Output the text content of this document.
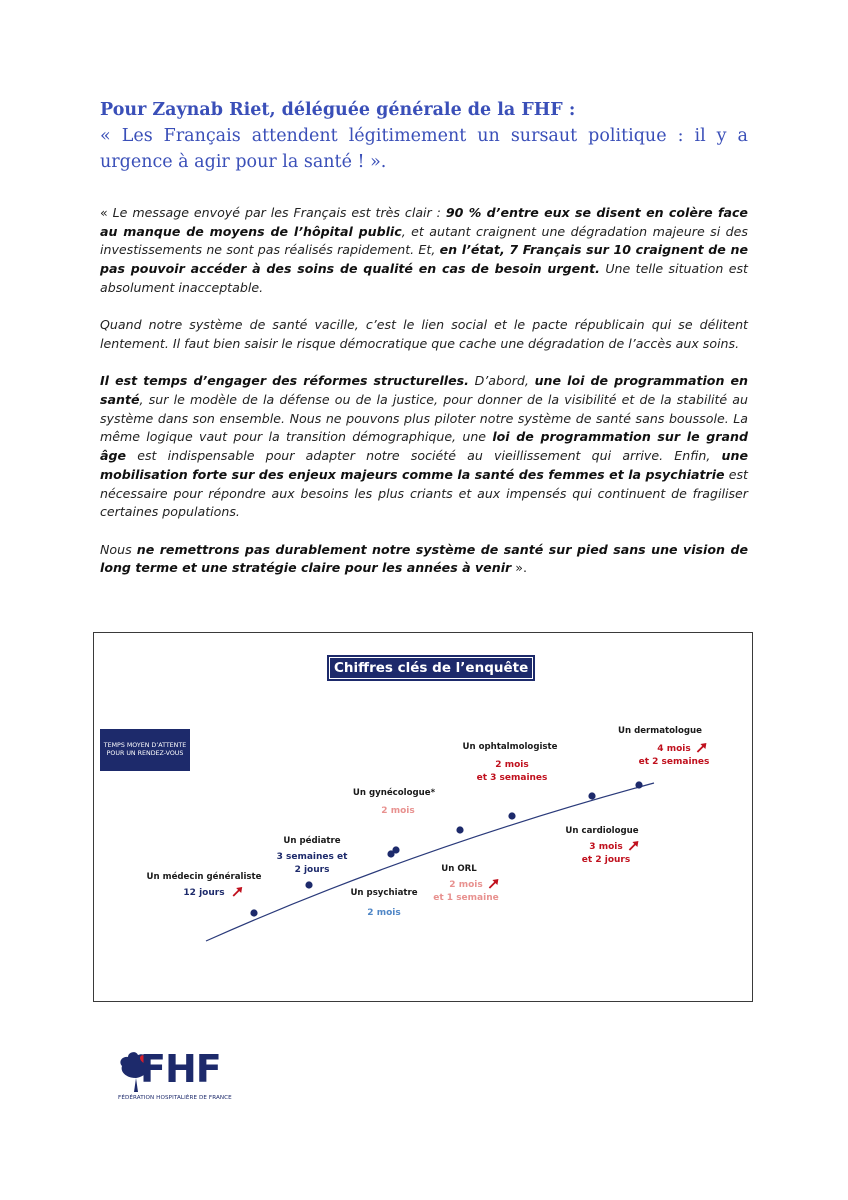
Pour Zaynab Riet, déléguée générale de la FHF :
« Les Français attendent légitimement un sursaut politique : il y a urgence à agir pour la santé ! ».

« Le message envoyé par les Français est très clair : 90 % d’entre eux se disent en colère face au manque de moyens de l’hôpital public, et autant craignent une dégradation majeure si des investissements ne sont pas réalisés rapidement. Et, en l’état, 7 Français sur 10 craignent de ne pas pouvoir accéder à des soins de qualité en cas de besoin urgent. Une telle situation est absolument inacceptable.

Quand notre système de santé vacille, c’est le lien social et le pacte républicain qui se délitent lentement. Il faut bien saisir le risque démocratique que cache une dégradation de l’accès aux soins.

Il est temps d’engager des réformes structurelles. D’abord, une loi de programmation en santé, sur le modèle de la défense ou de la justice, pour donner de la visibilité et de la stabilité au système dans son ensemble. Nous ne pouvons plus piloter notre système de santé sans boussole. La même logique vaut pour la transition démographique, une loi de programmation sur le grand âge est indispensable pour adapter notre société au vieillissement qui arrive. Enfin, une mobilisation forte sur des enjeux majeurs comme la santé des femmes et la psychiatrie est nécessaire pour répondre aux besoins les plus criants et aux impensés qui continuent de fragiliser certaines populations.

Nous ne remettrons pas durablement notre système de santé sur pied sans une vision de long terme et une stratégie claire pour les années à venir ».

Chiffres clés de l’enquête
TEMPS MOYEN D’ATTENTE POUR UN RENDEZ-VOUS
Un médecin généraliste
12 jours
Un pédiatre
3 semaines et
2 jours
Un psychiatre
2 mois
Un gynécologue*
2 mois
Un ORL
2 mois
et 1 semaine
Un ophtalmologiste
2 mois
et 3 semaines
Un cardiologue
3 mois
et 2 jours
Un dermatologue
4 mois
et 2 semaines
FHF
FÉDÉRATION HOSPITALIÈRE DE FRANCE
